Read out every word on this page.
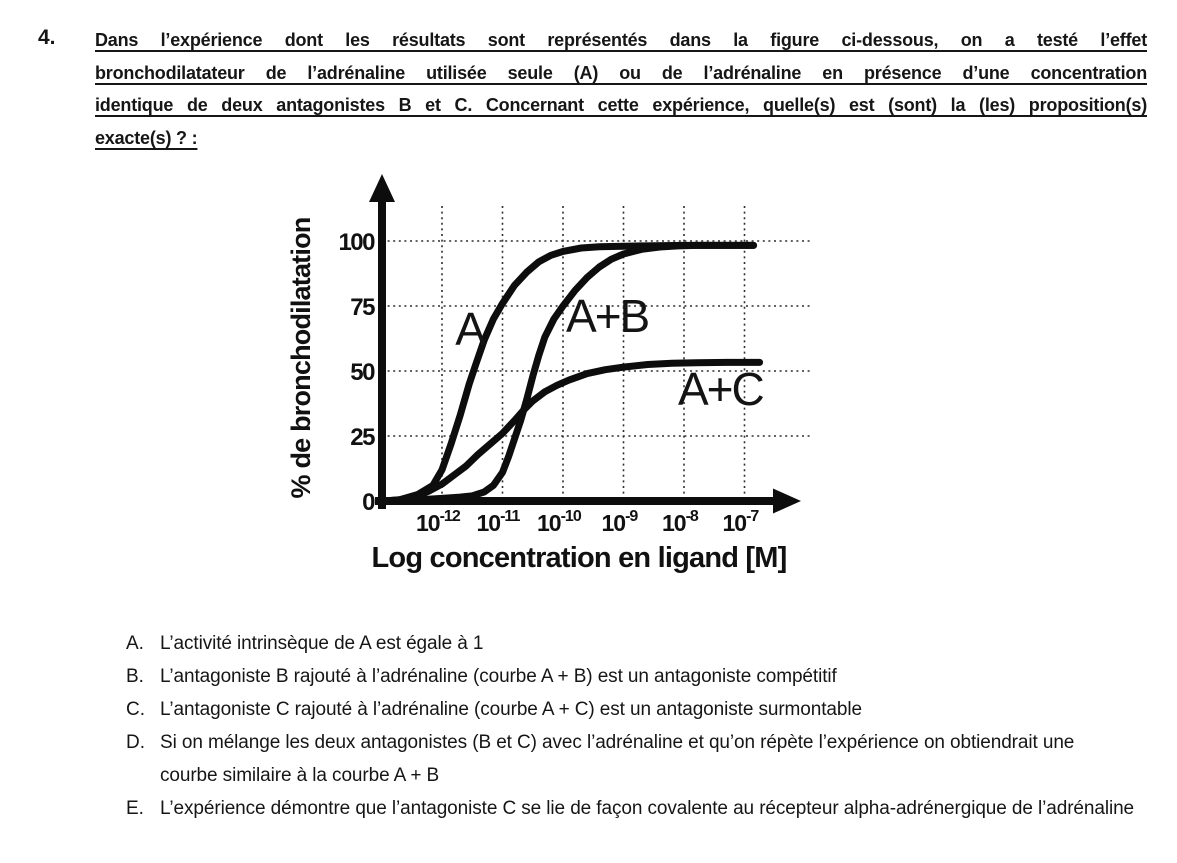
4. Dans l’expérience dont les résultats sont représentés dans la figure ci-dessous, on a testé l’effet
bronchodilatateur de l’adrénaline utilisée seule (A) ou de l’adrénaline en présence d’une concentration
identique de deux antagonistes B et C. Concernant cette expérience, quelle(s) est (sont) la (les) proposition(s)
exacte(s) ? :
A A+B
A+C
0
25
50
75
100
$10^{-12}$ $10^{-11}$ $10^{-10}$ $10^{-9}$ $10^{-8}$ $10^{-7}$
Log concentration en ligand [M]
% de bronchodilatation
A. L’activité intrinsèque de A est égale à 1
B. L’antagoniste B rajouté à l’adrénaline (courbe A + B) est un antagoniste compétitif
C. L’antagoniste C rajouté à l’adrénaline (courbe A + C) est un antagoniste surmontable
D. Si on mélange les deux antagonistes (B et C) avec l’adrénaline et qu’on répète l’expérience on obtiendrait une courbe similaire à la courbe A + B
E. L’expérience démontre que l’antagoniste C se lie de façon covalente au récepteur alpha-adrénergique de l’adrénaline
